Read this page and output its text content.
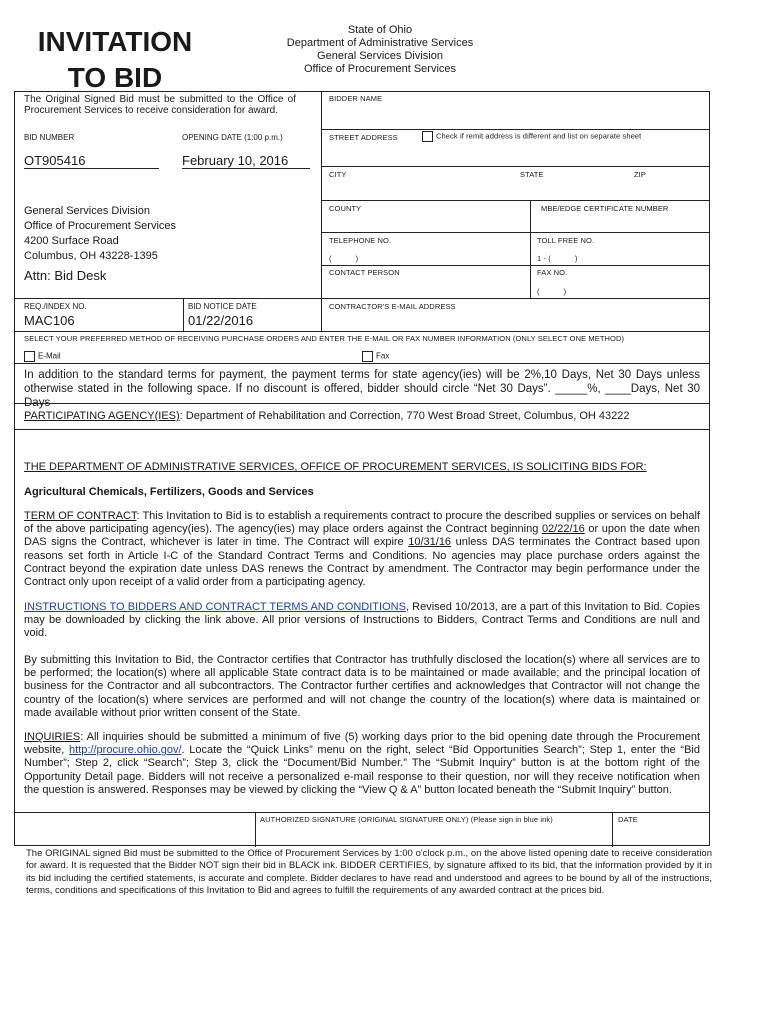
INVITATION
TO BID
State of Ohio
Department of Administrative Services
General Services Division
Office of Procurement Services
The Original Signed Bid must be submitted to the Office of Procurement Services to receive consideration for award.
BID NUMBER	OPENING DATE (1:00 p.m.)
OT905416	February 10, 2016
General Services Division
Office of Procurement Services
4200 Surface Road
Columbus, OH 43228-1395
Attn: Bid Desk
REQ./INDEX NO.
MAC106
BID NOTICE DATE
01/22/2016
BIDDER NAME
STREET ADDRESS	Check if remit address is different and list on separate sheet
CITY	STATE	ZIP
COUNTY	MBE/EDGE CERTIFICATE NUMBER
TELEPHONE NO.
(           )
TOLL FREE NO.
1 - (           )
CONTACT PERSON	FAX NO.
(           )
CONTRACTOR'S E-MAIL ADDRESS
SELECT YOUR PREFERRED METHOD OF RECEIVING PURCHASE ORDERS AND ENTER THE E-MAIL OR FAX NUMBER INFORMATION (ONLY SELECT ONE METHOD)
E-Mail	Fax
In addition to the standard terms for payment, the payment terms for state agency(ies) will be 2%,10 Days, Net 30 Days unless otherwise stated in the following space. If no discount is offered, bidder should circle “Net 30 Days”. _____%, ____Days, Net 30 Days
PARTICIPATING AGENCY(IES): Department of Rehabilitation and Correction, 770 West Broad Street, Columbus, OH 43222
THE DEPARTMENT OF ADMINISTRATIVE SERVICES, OFFICE OF PROCUREMENT SERVICES, IS SOLICITING BIDS FOR:
Agricultural Chemicals, Fertilizers, Goods and Services
TERM OF CONTRACT: This Invitation to Bid is to establish a requirements contract to procure the described supplies or services on behalf of the above participating agency(ies). The agency(ies) may place orders against the Contract beginning 02/22/16 or upon the date when DAS signs the Contract, whichever is later in time. The Contract will expire 10/31/16 unless DAS terminates the Contract based upon reasons set forth in Article I-C of the Standard Contract Terms and Conditions. No agencies may place purchase orders against the Contract beyond the expiration date unless DAS renews the Contract by amendment. The Contractor may begin performance under the Contract only upon receipt of a valid order from a participating agency.
INSTRUCTIONS TO BIDDERS AND CONTRACT TERMS AND CONDITIONS, Revised 10/2013, are a part of this Invitation to Bid. Copies may be downloaded by clicking the link above. All prior versions of Instructions to Bidders, Contract Terms and Conditions are null and void.
By submitting this Invitation to Bid, the Contractor certifies that Contractor has truthfully disclosed the location(s) where all services are to be performed; the location(s) where all applicable State contract data is to be maintained or made available; and the principal location of business for the Contractor and all subcontractors. The Contractor further certifies and acknowledges that Contractor will not change the country of the location(s) where services are performed and will not change the country of the location(s) where data is maintained or made available without prior written consent of the State.
INQUIRIES: All inquiries should be submitted a minimum of five (5) working days prior to the bid opening date through the Procurement website, http://procure.ohio.gov/. Locate the “Quick Links” menu on the right, select “Bid Opportunities Search”; Step 1, enter the “Bid Number”; Step 2, click “Search”; Step 3, click the “Document/Bid Number.” The “Submit Inquiry” button is at the bottom right of the Opportunity Detail page. Bidders will not receive a personalized e-mail response to their question, nor will they receive notification when the question is answered. Responses may be viewed by clicking the “View Q & A” button located beneath the “Submit Inquiry” button.
AUTHORIZED SIGNATURE (ORIGINAL SIGNATURE ONLY) (Please sign in blue ink)	DATE
The ORIGINAL signed Bid must be submitted to the Office of Procurement Services by 1:00 o'clock p.m., on the above listed opening date to receive consideration for award. It is requested that the Bidder NOT sign their bid in BLACK ink. BIDDER CERTIFIES, by signature affixed to its bid, that the information provided by it in its bid including the certified statements, is accurate and complete. Bidder declares to have read and understood and agrees to be bound by all of the instructions, terms, conditions and specifications of this Invitation to Bid and agrees to fulfill the requirements of any awarded contract at the prices bid.
